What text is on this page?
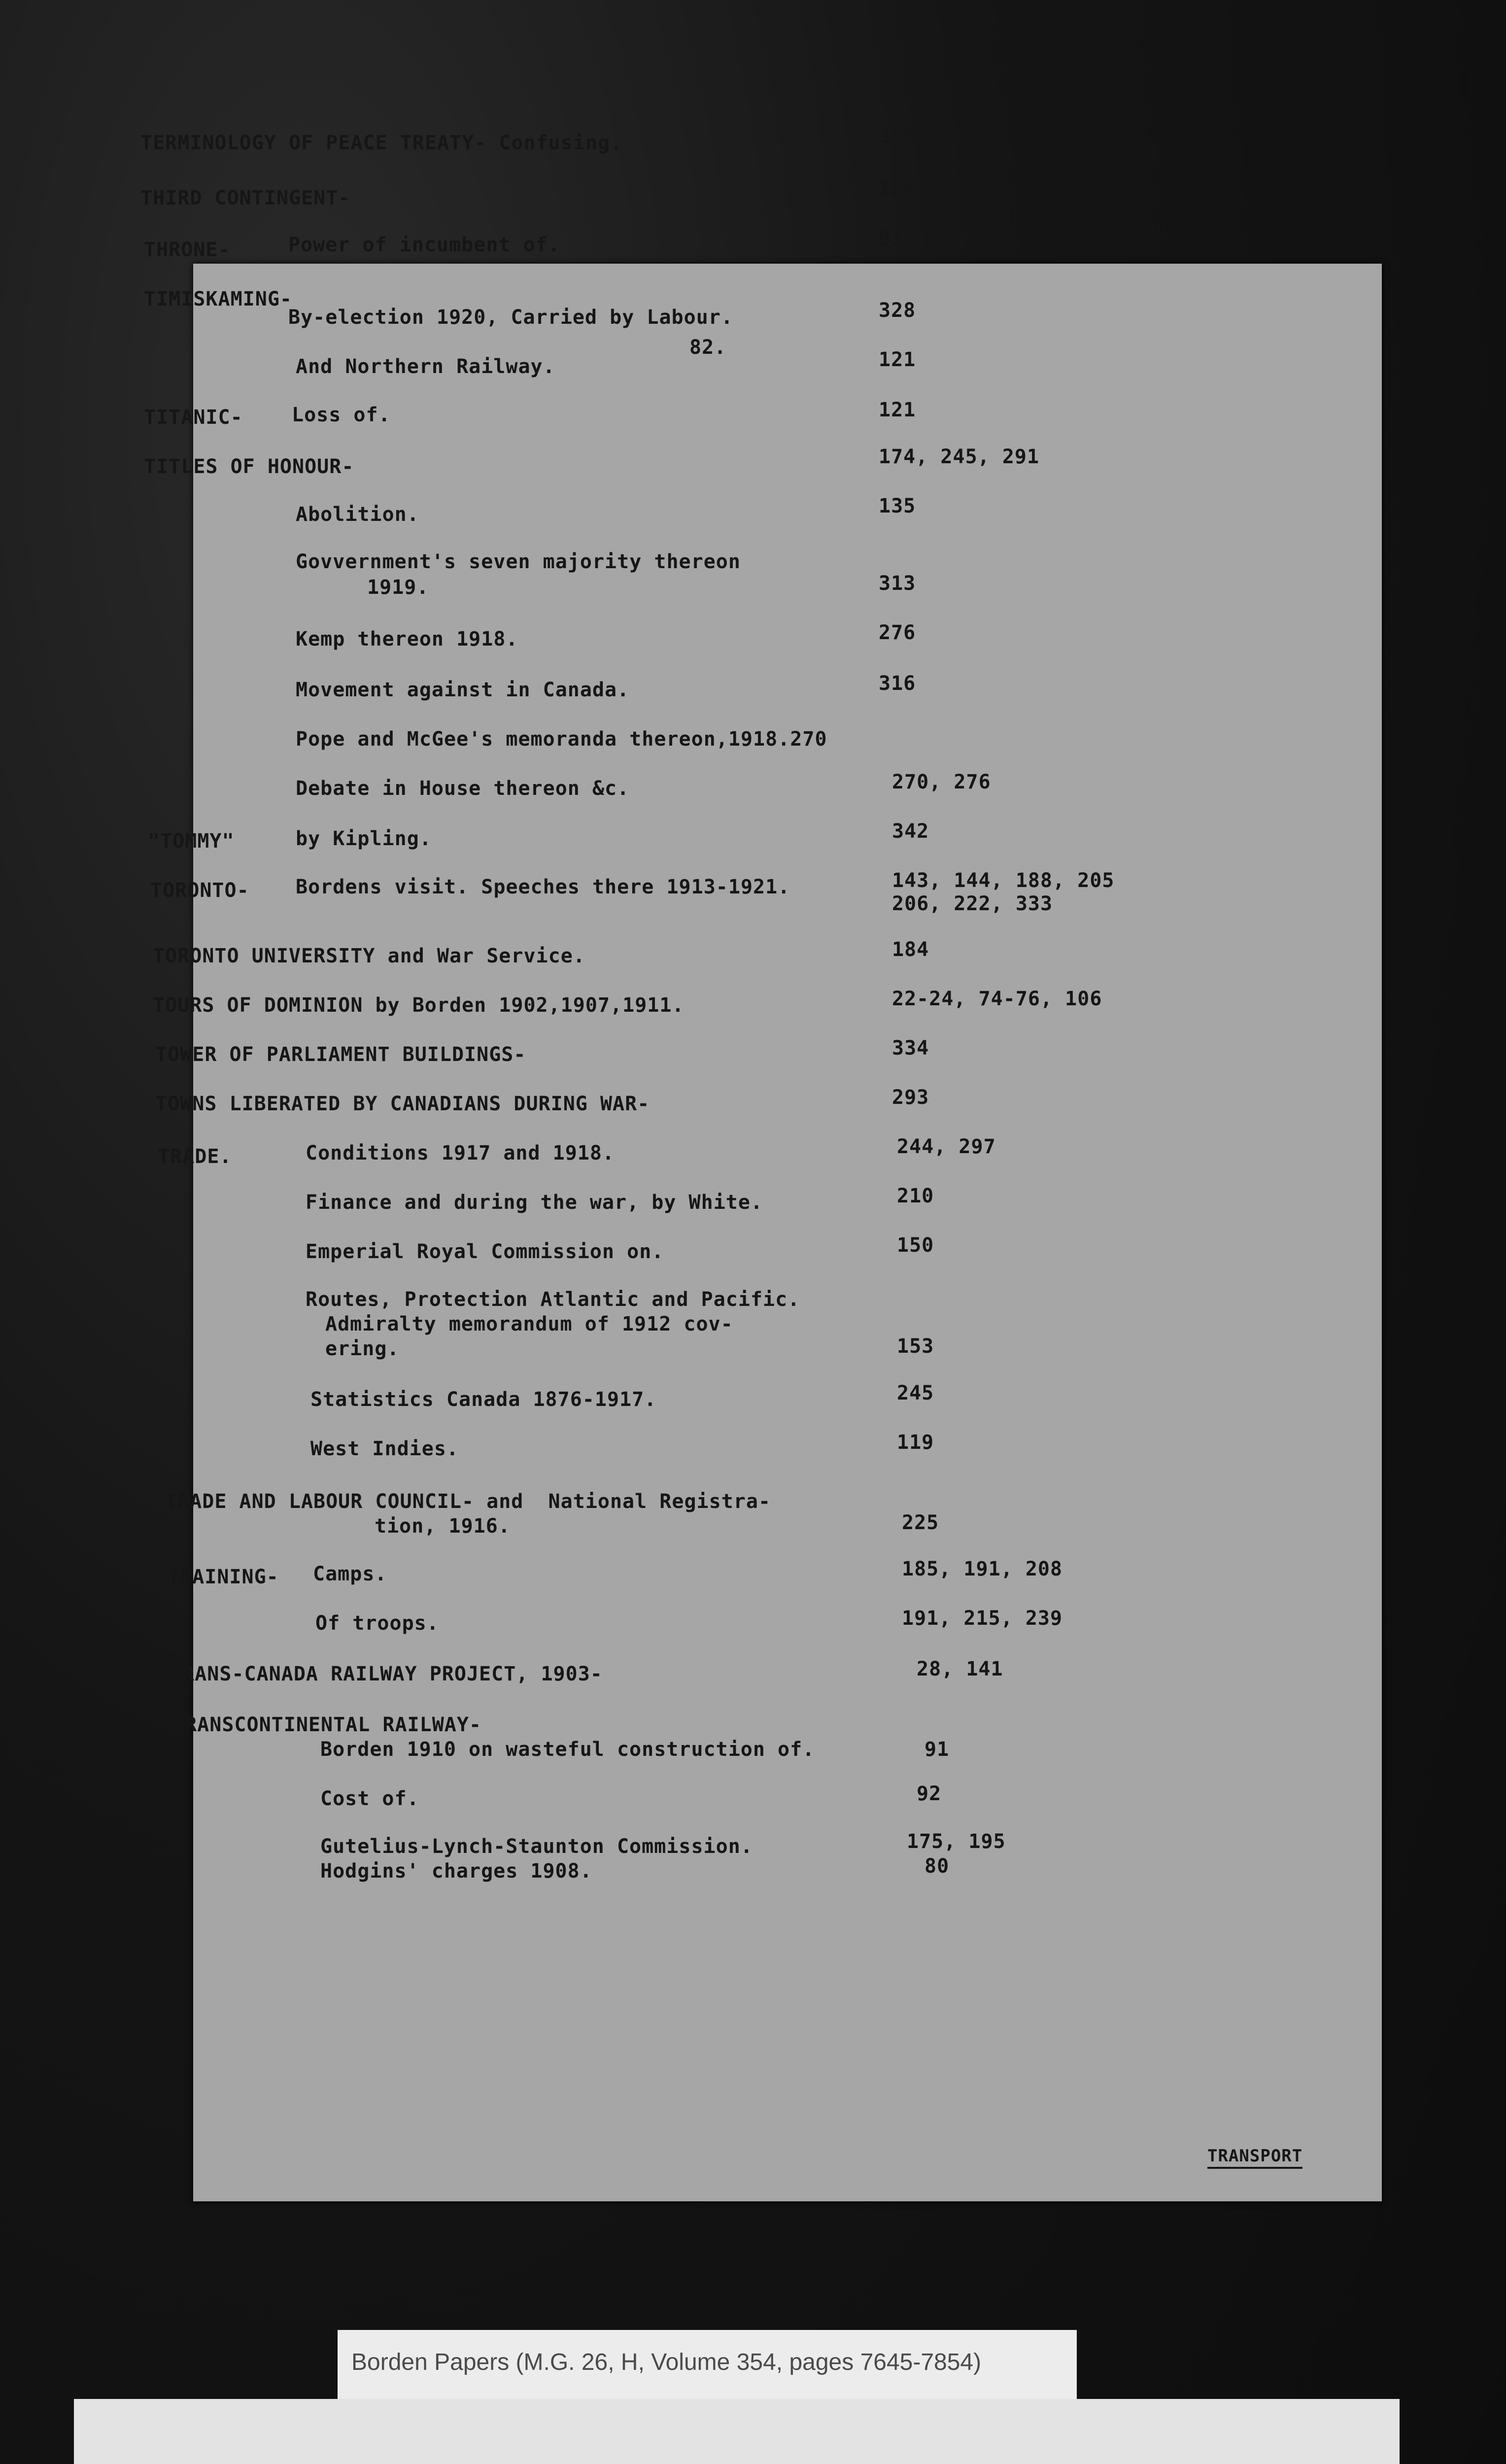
82.
TRANSPORT
TERMINOLOGY OF PEACE TREATY- Confusing.	307-310
THIRD CONTINGENT-	184
THRONE-	Power of incumbent of.	91
TIMISKAMING-
By-election 1920, Carried by Labour.	328
And Northern Railway.	121
TITANIC- Loss of.	121
TITLES OF HONOUR-	174, 245, 291
Abolition.	135
Govvernment's seven majority thereon
1919.	313
Kemp thereon 1918.	276
Movement against in Canada.	316
Pope and McGee's memoranda thereon,1918.270
Debate in House thereon &c.	270, 276
"TOMMY"	by Kipling.	342
TORONTO- Bordens visit. Speeches there 1913-1921.	143, 144, 188, 205
206, 222, 333
TORONTO UNIVERSITY and War Service.	184
TOURS OF DOMINION by Borden 1902,1907,1911.	22-24, 74-76, 106
TOWER OF PARLIAMENT BUILDINGS-	334
TOWNS LIBERATED BY CANADIANS DURING WAR-	293
TRADE.	Conditions 1917 and 1918.	244, 297
Finance and during the war, by White.	210
Emperial Royal Commission on.	150
Routes, Protection Atlantic and Pacific.
Admiralty memorandum of 1912 cov-
ering.	153
Statistics Canada 1876-1917.	245
West Indies.	119
TRADE AND LABOUR COUNCIL- and  National Registra-
tion, 1916.	225
TRAINING- Camps.	185, 191, 208
Of troops.	191, 215, 239
TRANS-CANADA RAILWAY PROJECT, 1903-	28, 141
TRANSCONTINENTAL RAILWAY-
Borden 1910 on wasteful construction of.	91
Cost of.	92
Gutelius-Lynch-Staunton Commission.	175, 195
Hodgins' charges 1908.	80
Borden Papers (M.G. 26, H, Volume 354, pages 7645-7854)
